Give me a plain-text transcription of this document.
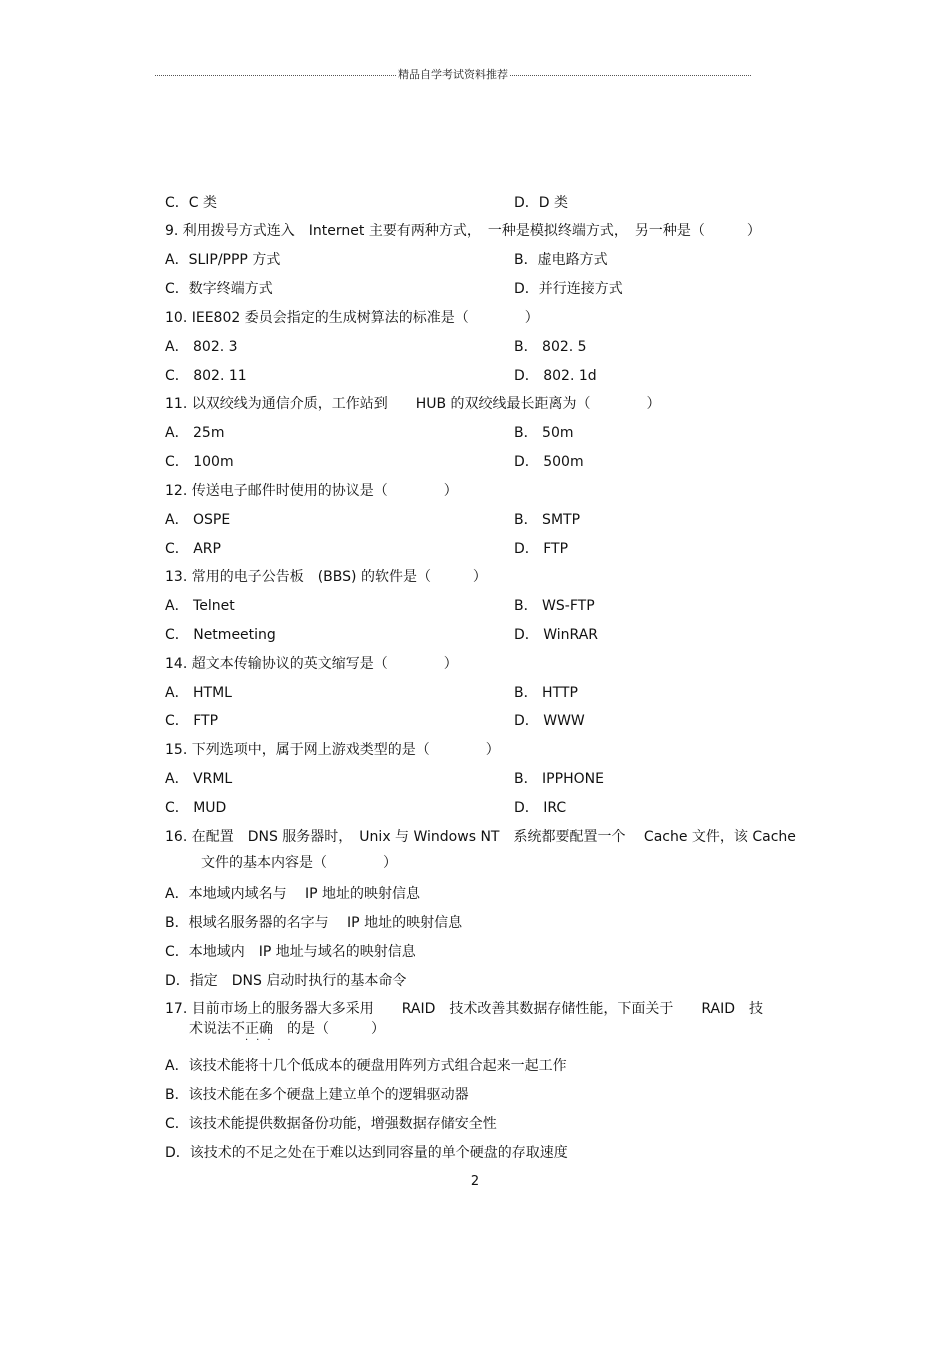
精品自学考试资料推荐
C．C 类	D．D 类
9. 利用拨号方式连入　Internet 主要有两种方式，　一种是模拟终端方式，　另一种是（　　　）
A．SLIP/PPP 方式	B．虚电路方式
C．数字终端方式	D．并行连接方式
10. IEE802 委员会指定的生成树算法的标准是（　　　　）
A． 802. 3	B． 802. 5
C． 802. 11	D． 802. 1d
11. 以双绞线为通信介质，工作站到　　HUB 的双绞线最长距离为（　　　　）
A． 25m	B． 50m
C． 100m	D． 500m
12. 传送电子邮件时使用的协议是（　　　　）
A． OSPE	B． SMTP
C． ARP	D． FTP
13. 常用的电子公告板　(BBS) 的软件是（　　　）
A． Telnet	B． WS-FTP
C． Netmeeting	D． WinRAR
14. 超文本传输协议的英文缩写是（　　　　）
A． HTML	B． HTTP
C． FTP	D． WWW
15. 下列选项中，属于网上游戏类型的是（　　　　）
A． VRML	B． IPPHONE
C． MUD	D． IRC
16. 在配置　DNS 服务器时，　Unix 与 Windows NT　系统都要配置一个　 Cache 文件，该 Cache
文件的基本内容是（　　　　）
A．本地域内域名与　 IP 地址的映射信息
B．根域名服务器的名字与　 IP 地址的映射信息
C．本地域内　IP 地址与域名的映射信息
D．指定　DNS 启动时执行的基本命令
17. 目前市场上的服务器大多采用　　RAID　技术改善其数据存储性能，下面关于　　RAID　技
术说法不正确　的是（　　　）
A．该技术能将十几个低成本的硬盘用阵列方式组合起来一起工作
B．该技术能在多个硬盘上建立单个的逻辑驱动器
C．该技术能提供数据备份功能，增强数据存储安全性
D．该技术的不足之处在于难以达到同容量的单个硬盘的存取速度
···
2
